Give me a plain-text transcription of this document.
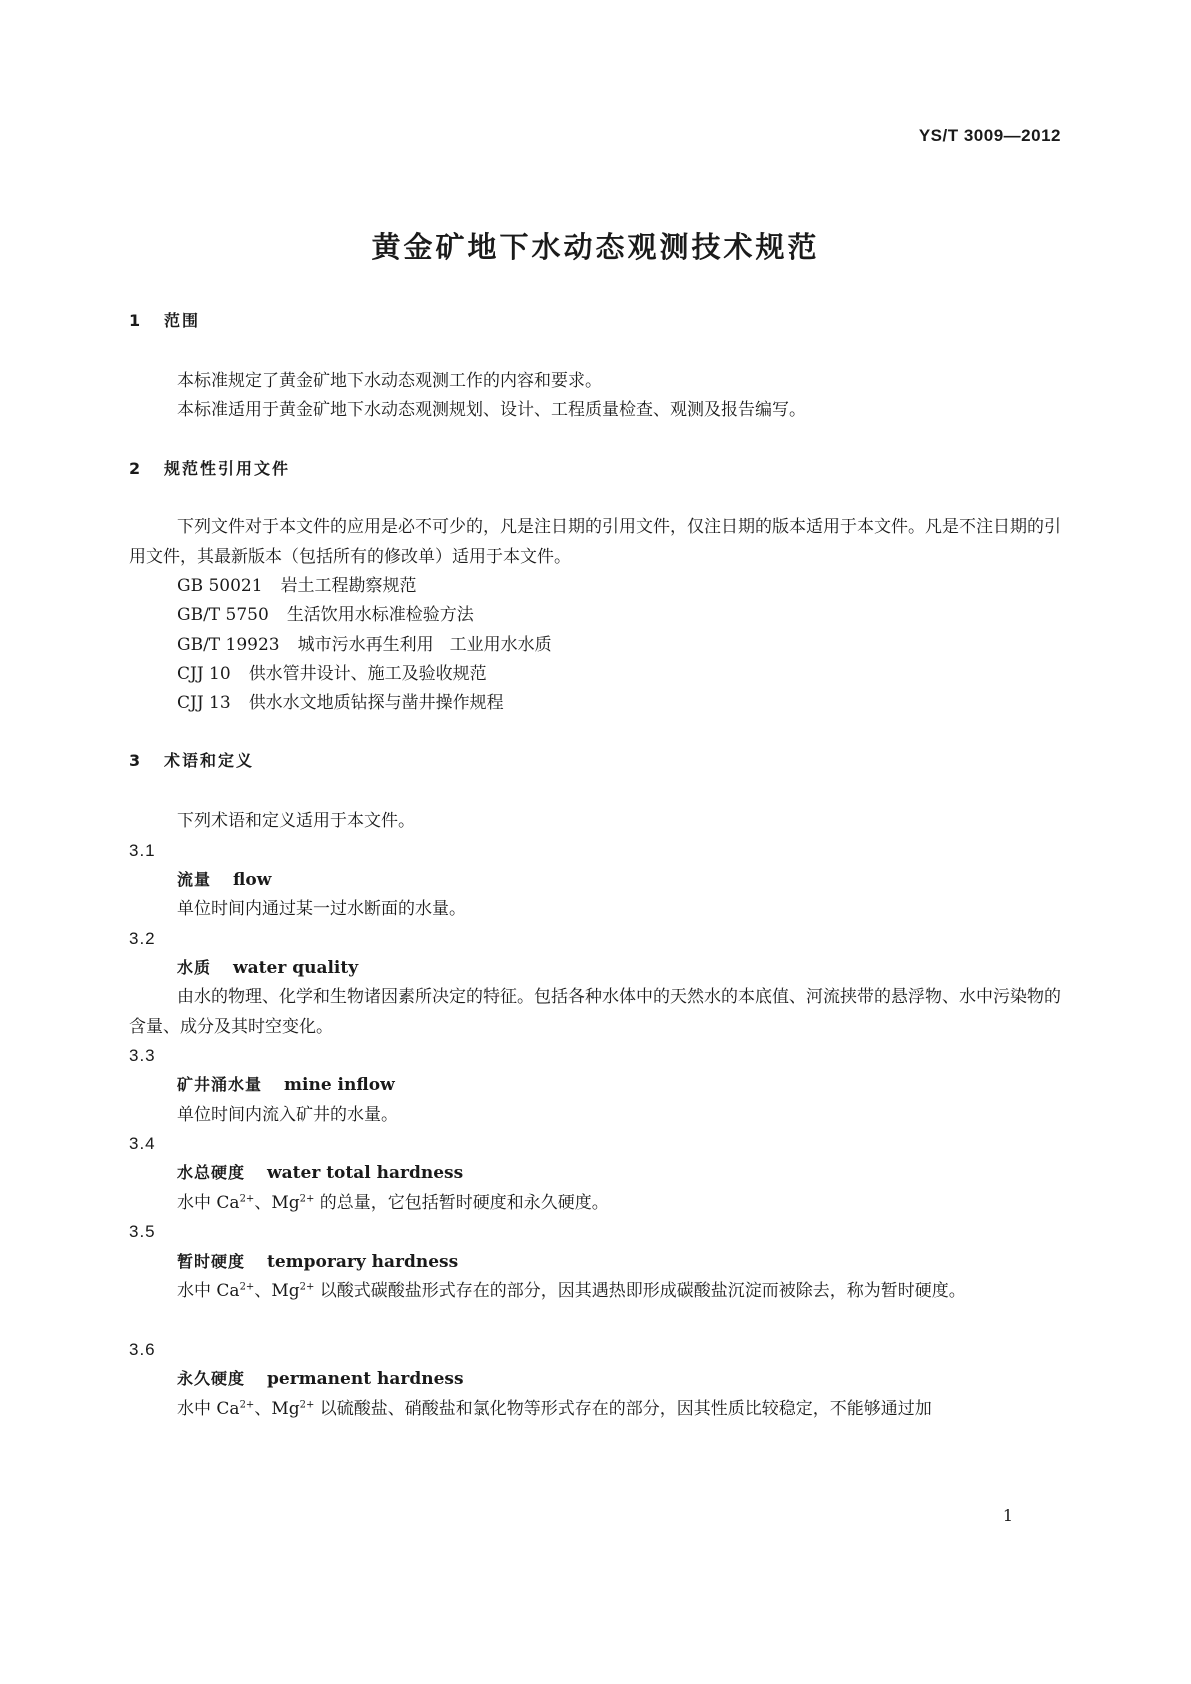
YS/T 3009—2012
黄金矿地下水动态观测技术规范
1 范围
本标准规定了黄金矿地下水动态观测工作的内容和要求。
本标准适用于黄金矿地下水动态观测规划、设计、工程质量检查、观测及报告编写。
2 规范性引用文件
下列文件对于本文件的应用是必不可少的，凡是注日期的引用文件，仅注日期的版本适用于本文件。凡是不注日期的引用文件，其最新版本（包括所有的修改单）适用于本文件。
GB 50021 岩土工程勘察规范
GB/T 5750 生活饮用水标准检验方法
GB/T 19923 城市污水再生利用 工业用水水质
CJJ 10 供水管井设计、施工及验收规范
CJJ 13 供水水文地质钻探与凿井操作规程
3 术语和定义
下列术语和定义适用于本文件。
3.1
流量 flow
单位时间内通过某一过水断面的水量。
3.2
水质 water quality
由水的物理、化学和生物诸因素所决定的特征。包括各种水体中的天然水的本底值、河流挟带的悬浮物、水中污染物的含量、成分及其时空变化。
3.3
矿井涌水量 mine inflow
单位时间内流入矿井的水量。
3.4
水总硬度 water total hardness
水中 $Ca^{2+}$、$Mg^{2+}$ 的总量，它包括暂时硬度和永久硬度。
3.5
暂时硬度 temporary hardness
水中 $Ca^{2+}$、$Mg^{2+}$ 以酸式碳酸盐形式存在的部分，因其遇热即形成碳酸盐沉淀而被除去，称为暂时硬度。
3.6
永久硬度 permanent hardness
水中 $Ca^{2+}$、$Mg^{2+}$ 以硫酸盐、硝酸盐和氯化物等形式存在的部分，因其性质比较稳定，不能够通过加
1
